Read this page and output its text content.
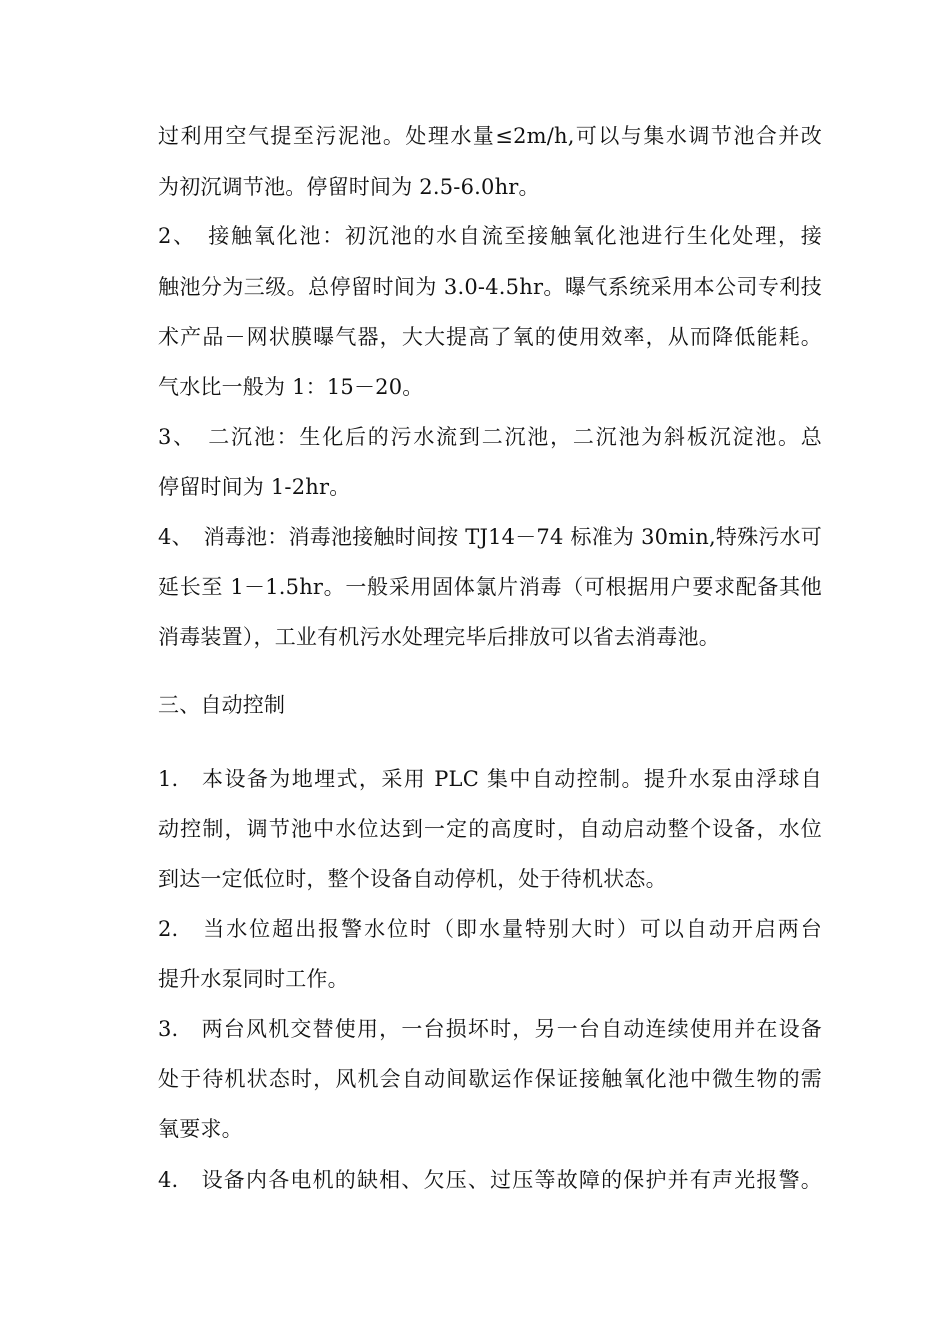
过利用空气提至污泥池。处理水量≤2m/h,可以与集水调节池合并改
为初沉调节池。停留时间为 2.5-6.0hr。
2、　接触氧化池：初沉池的水自流至接触氧化池进行生化处理，接
触池分为三级。总停留时间为 3.0-4.5hr。曝气系统采用本公司专利技
术产品－网状膜曝气器，大大提高了氧的使用效率，从而降低能耗。
气水比一般为 1：15－20。
3、　二沉池：生化后的污水流到二沉池，二沉池为斜板沉淀池。总
停留时间为 1-2hr。
4、　消毒池：消毒池接触时间按 TJ14－74 标准为 30min,特殊污水可
延长至 1－1.5hr。一般采用固体氯片消毒（可根据用户要求配备其他
消毒装置），工业有机污水处理完毕后排放可以省去消毒池。
三、自动控制
1.　本设备为地埋式，采用 PLC 集中自动控制。提升水泵由浮球自
动控制，调节池中水位达到一定的高度时，自动启动整个设备，水位
到达一定低位时，整个设备自动停机，处于待机状态。
2.　当水位超出报警水位时（即水量特别大时）可以自动开启两台
提升水泵同时工作。
3.　两台风机交替使用，一台损坏时，另一台自动连续使用并在设备
处于待机状态时，风机会自动间歇运作保证接触氧化池中微生物的需
氧要求。
4.　设备内各电机的缺相、欠压、过压等故障的保护并有声光报警。
